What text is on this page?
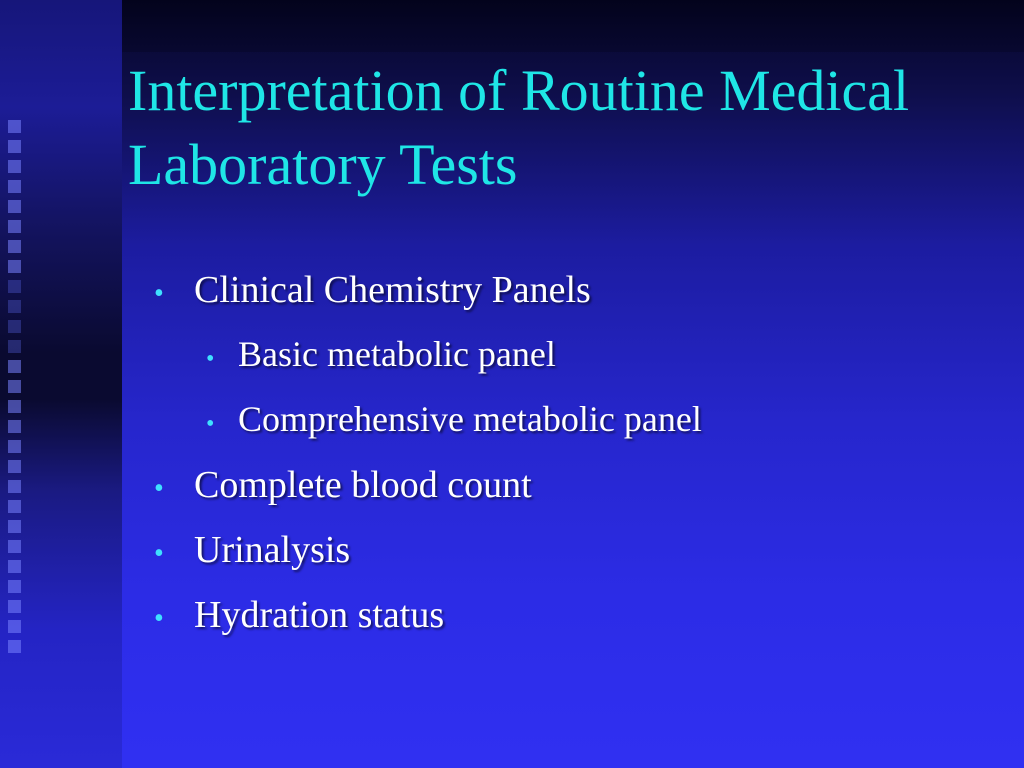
Interpretation of Routine Medical Laboratory Tests
• Clinical Chemistry Panels
• Basic metabolic panel
• Comprehensive metabolic panel
• Complete blood count
• Urinalysis
• Hydration status
